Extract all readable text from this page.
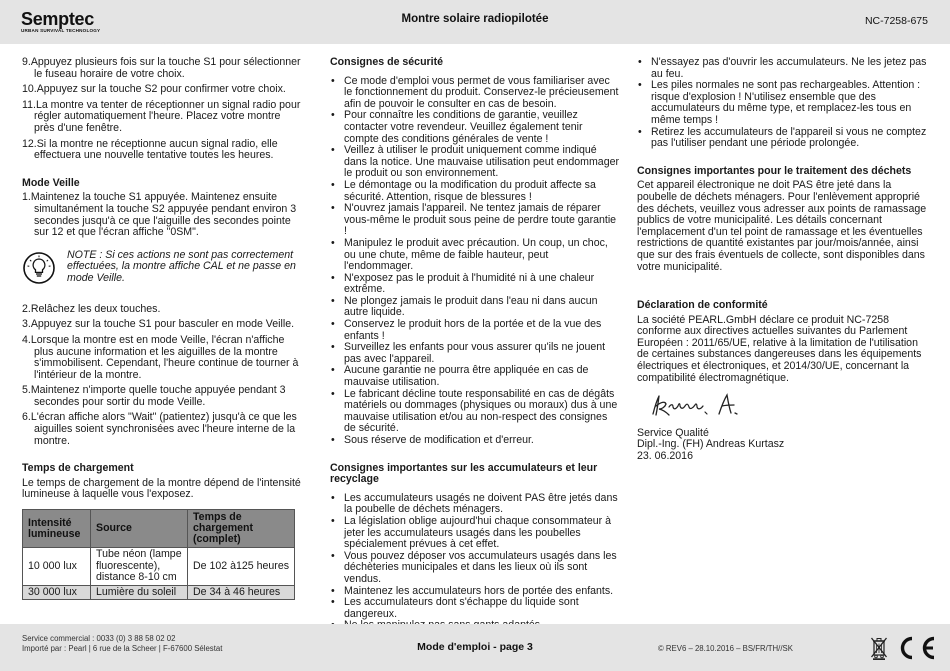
Semptec
URBAN SURVIVAL TECHNOLOGY
Montre solaire radiopilotée	NC-7258-675
9.Appuyez plusieurs fois sur la touche S1 pour sélectionner le fuseau horaire de votre choix.
10.Appuyez sur la touche S2 pour confirmer votre choix.
11.La montre va tenter de réceptionner un signal radio pour régler automatiquement l'heure. Placez votre montre près d'une fenêtre.
12.Si la montre ne réceptionne aucun signal radio, elle effectuera une nouvelle tentative toutes les heures.
Mode Veille
1.Maintenez la touche S1 appuyée. Maintenez ensuite simultanément la touche S2 appuyée pendant environ 3 secondes jusqu'à ce que l'aiguille des secondes pointe sur 12 et que l'écran affiche "0SM".
NOTE : Si ces actions ne sont pas correctement effectuées, la montre affiche CAL et ne passe en mode Veille.
2.Relâchez les deux touches.
3.Appuyez sur la touche S1 pour basculer en mode Veille.
4.Lorsque la montre est en mode Veille, l'écran n'affiche plus aucune information et les aiguilles de la montre s'immobilisent. Cependant, l'heure continue de tourner à l'intérieur de la montre.
5.Maintenez n'importe quelle touche appuyée pendant 3 secondes pour sortir du mode Veille.
6.L'écran affiche alors "Wait" (patientez) jusqu'à ce que les aiguilles soient synchronisées avec l'heure interne de la montre.
Temps de chargement
Le temps de chargement de la montre dépend de l'intensité lumineuse à laquelle vous l'exposez.
Intensité lumineuse	Source	Temps de chargement (complet)
10 000 lux	Tube néon (lampe fluorescente), distance 8-10 cm	De 102 à125 heures
30 000 lux	Lumière du soleil	De 34 à 46 heures
Consignes de sécurité
• Ce mode d'emploi vous permet de vous familiariser avec le fonctionnement du produit. Conservez-le précieusement afin de pouvoir le consulter en cas de besoin.
• Pour connaître les conditions de garantie, veuillez contacter votre revendeur. Veuillez également tenir compte des conditions générales de vente !
• Veillez à utiliser le produit uniquement comme indiqué dans la notice. Une mauvaise utilisation peut endommager le produit ou son environnement.
• Le démontage ou la modification du produit affecte sa sécurité. Attention, risque de blessures !
• N'ouvrez jamais l'appareil. Ne tentez jamais de réparer vous-même le produit sous peine de perdre toute garantie !
• Manipulez le produit avec précaution. Un coup, un choc, ou une chute, même de faible hauteur, peut l'endommager.
• N'exposez pas le produit à l'humidité ni à une chaleur extrême.
• Ne plongez jamais le produit dans l'eau ni dans aucun autre liquide.
• Conservez le produit hors de la portée et de la vue des enfants !
• Surveillez les enfants pour vous assurer qu'ils ne jouent pas avec l'appareil.
• Aucune garantie ne pourra être appliquée en cas de mauvaise utilisation.
• Le fabricant décline toute responsabilité en cas de dégâts matériels ou dommages (physiques ou moraux) dus à une mauvaise utilisation et/ou au non-respect des consignes de sécurité.
• Sous réserve de modification et d'erreur.
Consignes importantes sur les accumulateurs et leur recyclage
• Les accumulateurs usagés ne doivent PAS être jetés dans la poubelle de déchets ménagers.
• La législation oblige aujourd'hui chaque consommateur à jeter les accumulateurs usagés dans les poubelles spécialement prévues à cet effet.
• Vous pouvez déposer vos accumulateurs usagés dans les déchèteries municipales et dans les lieux où ils sont vendus.
• Maintenez les accumulateurs hors de portée des enfants.
• Les accumulateurs dont s'échappe du liquide sont dangereux.
•
• N'essayez pas d'ouvrir les accumulateurs. Ne les jetez pas au feu.
• Les piles normales ne sont pas rechargeables. Attention : risque d'explosion ! N'utilisez ensemble que des accumulateurs du même type, et remplacez-les tous en même temps !
• Retirez les accumulateurs de l'appareil si vous ne comptez pas l'utiliser pendant une période prolongée.
Consignes importantes pour le traitement des déchets
Cet appareil électronique ne doit PAS être jeté dans la poubelle de déchets ménagers. Pour l'enlèvement approprié des déchets, veuillez vous adresser aux points de ramassage publics de votre municipalité. Les détails concernant l'emplacement d'un tel point de ramassage et les éventuelles restrictions de quantité existantes par jour/mois/année, ainsi que sur des frais éventuels de collecte, sont disponibles dans votre municipalité.
Déclaration de conformité
La société PEARL.GmbH déclare ce produit NC-7258 conforme aux directives actuelles suivantes du Parlement Européen : 2011/65/UE, relative à la limitation de l'utilisation de certaines substances dangereuses dans les équipements électriques et électroniques, et 2014/30/UE, concernant la compatibilité électromagnétique.
Service Qualité
Dipl.-Ing. (FH) Andreas Kurtasz
23. 06.2016
Service commercial : 0033 (0) 3 88 58 02 02
Importé par : Pearl | 6 rue de la Scheer | F-67600 Sélestat	Mode d'emploi - page 3	© REV6 – 28.10.2016 – BS/FR/TH//SK
